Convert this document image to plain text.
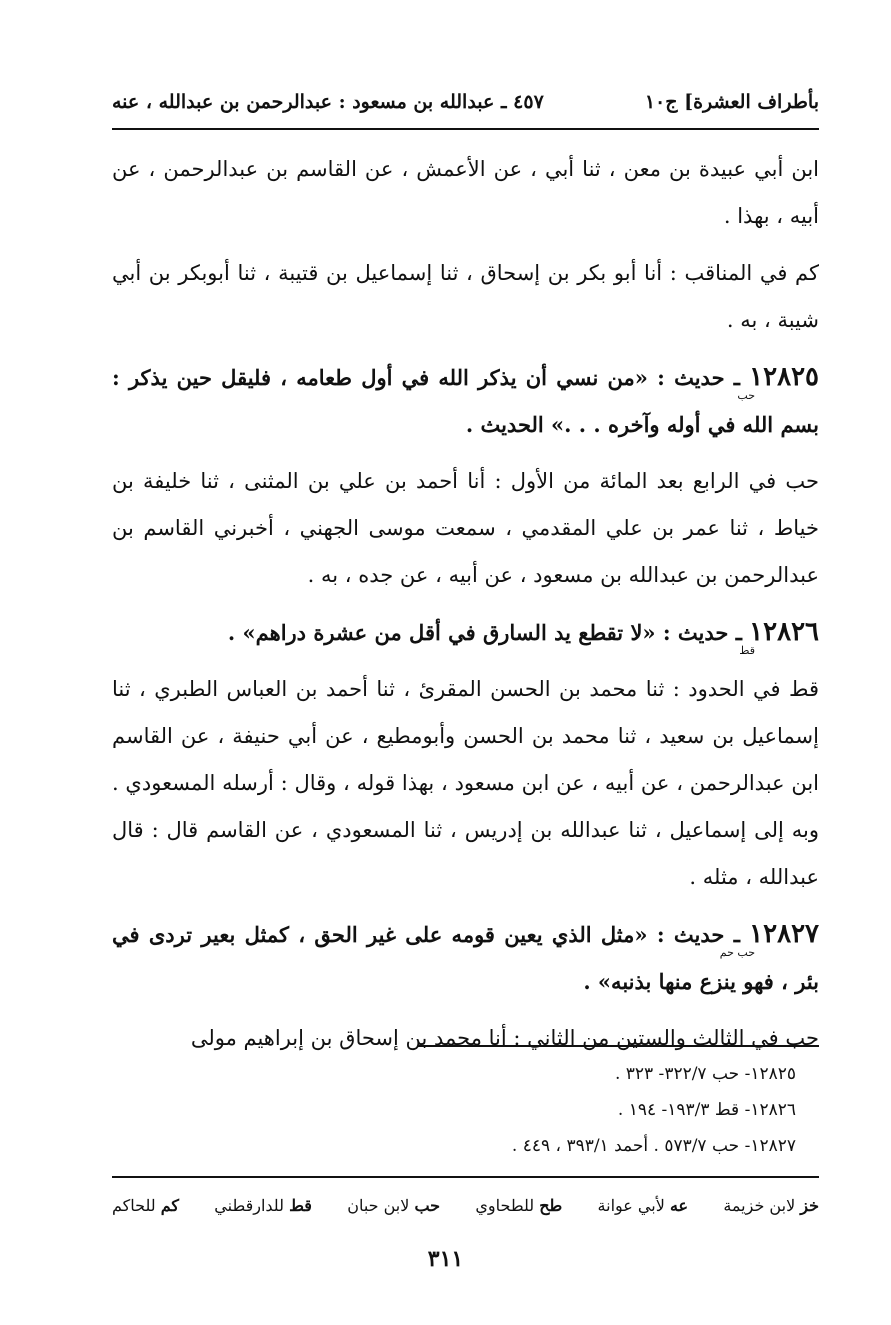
بأطراف العشرة] ج١٠
٤٥٧ ـ عبدالله بن مسعود : عبدالرحمن بن عبدالله ، عنه

ابن أبي عبيدة بن معن ، ثنا أبي ، عن الأعمش ، عن القاسم بن عبدالرحمن ، عن أبيه ، بهذا .

كم في المناقب : أنا أبو بكر بن إسحاق ، ثنا إسماعيل بن قتيبة ، ثنا أبوبكر بن أبي شيبة ، به .

١٢٨٢٥ ـ حديث : «من نسي أن يذكر الله في أول طعامه ، فليقل حين يذكر : بسم الله في أوله وآخره . . .» الحديث .
حب

حب في الرابع بعد المائة من الأول : أنا أحمد بن علي بن المثنى ، ثنا خليفة بن خياط ، ثنا عمر بن علي المقدمي ، سمعت موسى الجهني ، أخبرني القاسم بن عبدالرحمن بن عبدالله بن مسعود ، عن أبيه ، عن جده ، به .

١٢٨٢٦ ـ حديث : «لا تقطع يد السارق في أقل من عشرة دراهم» .
قط

قط في الحدود : ثنا محمد بن الحسن المقرئ ، ثنا أحمد بن العباس الطبري ، ثنا إسماعيل بن سعيد ، ثنا محمد بن الحسن وأبومطيع ، عن أبي حنيفة ، عن القاسم ابن عبدالرحمن ، عن أبيه ، عن ابن مسعود ، بهذا قوله ، وقال : أرسله المسعودي . وبه إلى إسماعيل ، ثنا عبدالله بن إدريس ، ثنا المسعودي ، عن القاسم قال : قال عبدالله ، مثله .

١٢٨٢٧ ـ حديث : «مثل الذي يعين قومه على غير الحق ، كمثل بعير تردى في بئر ، فهو ينزع منها بذنبه» .
حب حم

حب في الثالث والستين من الثاني : أنا محمد بن إسحاق بن إبراهيم مولى

١٢٨٢٥- حب ٣٢٢/٧- ٣٢٣ .
١٢٨٢٦- قط ١٩٣/٣- ١٩٤ .
١٢٨٢٧- حب ٥٧٣/٧ . أحمد ٣٩٣/١ ، ٤٤٩ .
خز لابن خزيمة
عه لأبي عوانة
طح للطحاوي
حب لابن حبان
قط للدارقطني
كم للحاكم
٣١١
